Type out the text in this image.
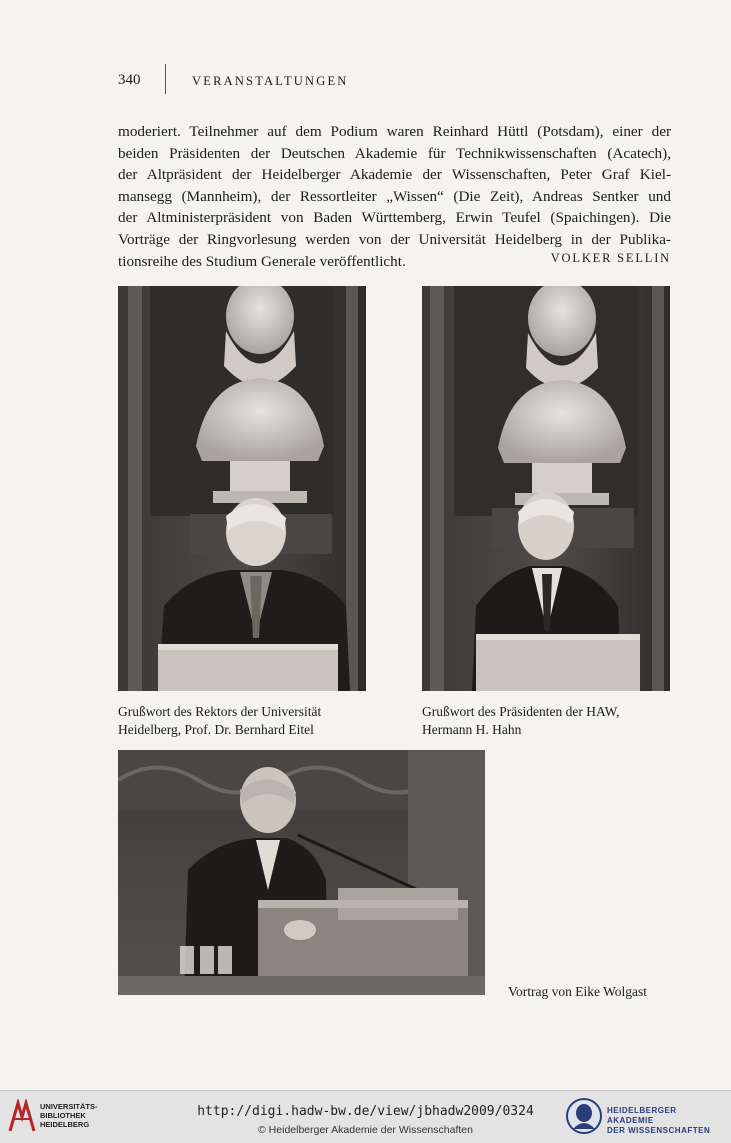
340	VERANSTALTUNGEN
moderiert. Teilnehmer auf dem Podium waren Reinhard Hüttl (Potsdam), einer der
beiden Präsidenten der Deutschen Akademie für Technikwissenschaften (Acatech),
der Altpräsident der Heidelberger Akademie der Wissenschaften, Peter Graf Kiel-
mansegg (Mannheim), der Ressortleiter „Wissen“ (Die Zeit), Andreas Sentker und
der Altministerpräsident von Baden Württemberg, Erwin Teufel (Spaichingen). Die
Vorträge der Ringvorlesung werden von der Universität Heidelberg in der Publika-
tionsreihe des Studium Generale veröffentlicht.	VOLKER SELLIN
Grußwort des Rektors der Universität
Heidelberg, Prof. Dr. Bernhard Eitel
Grußwort des Präsidenten der HAW,
Hermann H. Hahn
Vortrag von Eike Wolgast
UNIVERSITÄTS-
BIBLIOTHEK
HEIDELBERG
http://digi.hadw-bw.de/view/jbhadw2009/0324
© Heidelberger Akademie der Wissenschaften
HEIDELBERGER AKADEMIE
DER WISSENSCHAFTEN
